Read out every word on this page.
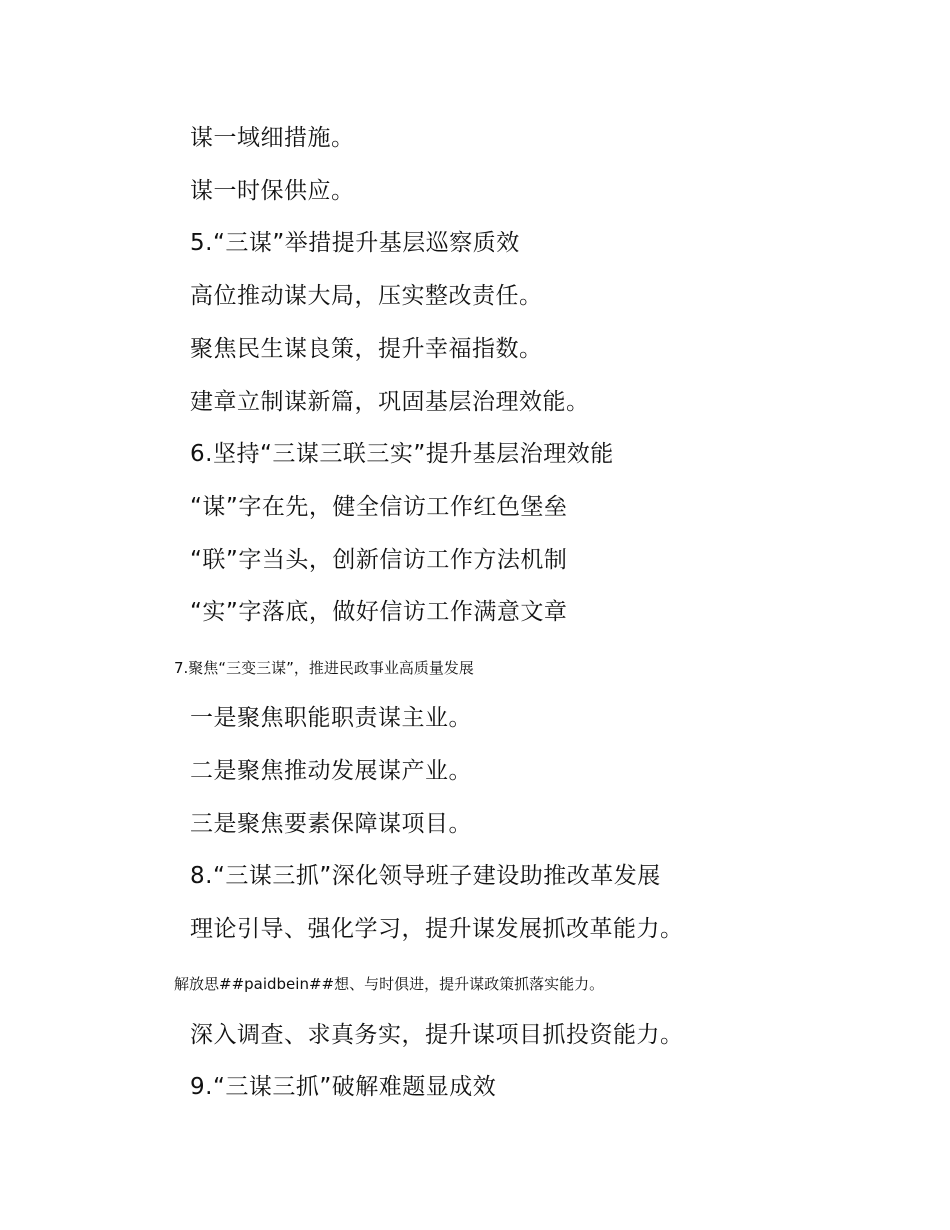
谋一域细措施。
谋一时保供应。
5.“三谋”举措提升基层巡察质效
高位推动谋大局，压实整改责任。
聚焦民生谋良策，提升幸福指数。
建章立制谋新篇，巩固基层治理效能。
6.坚持“三谋三联三实”提升基层治理效能
“谋”字在先，健全信访工作红色堡垒
“联”字当头，创新信访工作方法机制
“实”字落底，做好信访工作满意文章
7.聚焦“三变三谋”，推进民政事业高质量发展
一是聚焦职能职责谋主业。
二是聚焦推动发展谋产业。
三是聚焦要素保障谋项目。
8.“三谋三抓”深化领导班子建设助推改革发展
理论引导、强化学习，提升谋发展抓改革能力。
解放思##paidbein##想、与时俱进，提升谋政策抓落实能力。
深入调查、求真务实，提升谋项目抓投资能力。
9.“三谋三抓”破解难题显成效
